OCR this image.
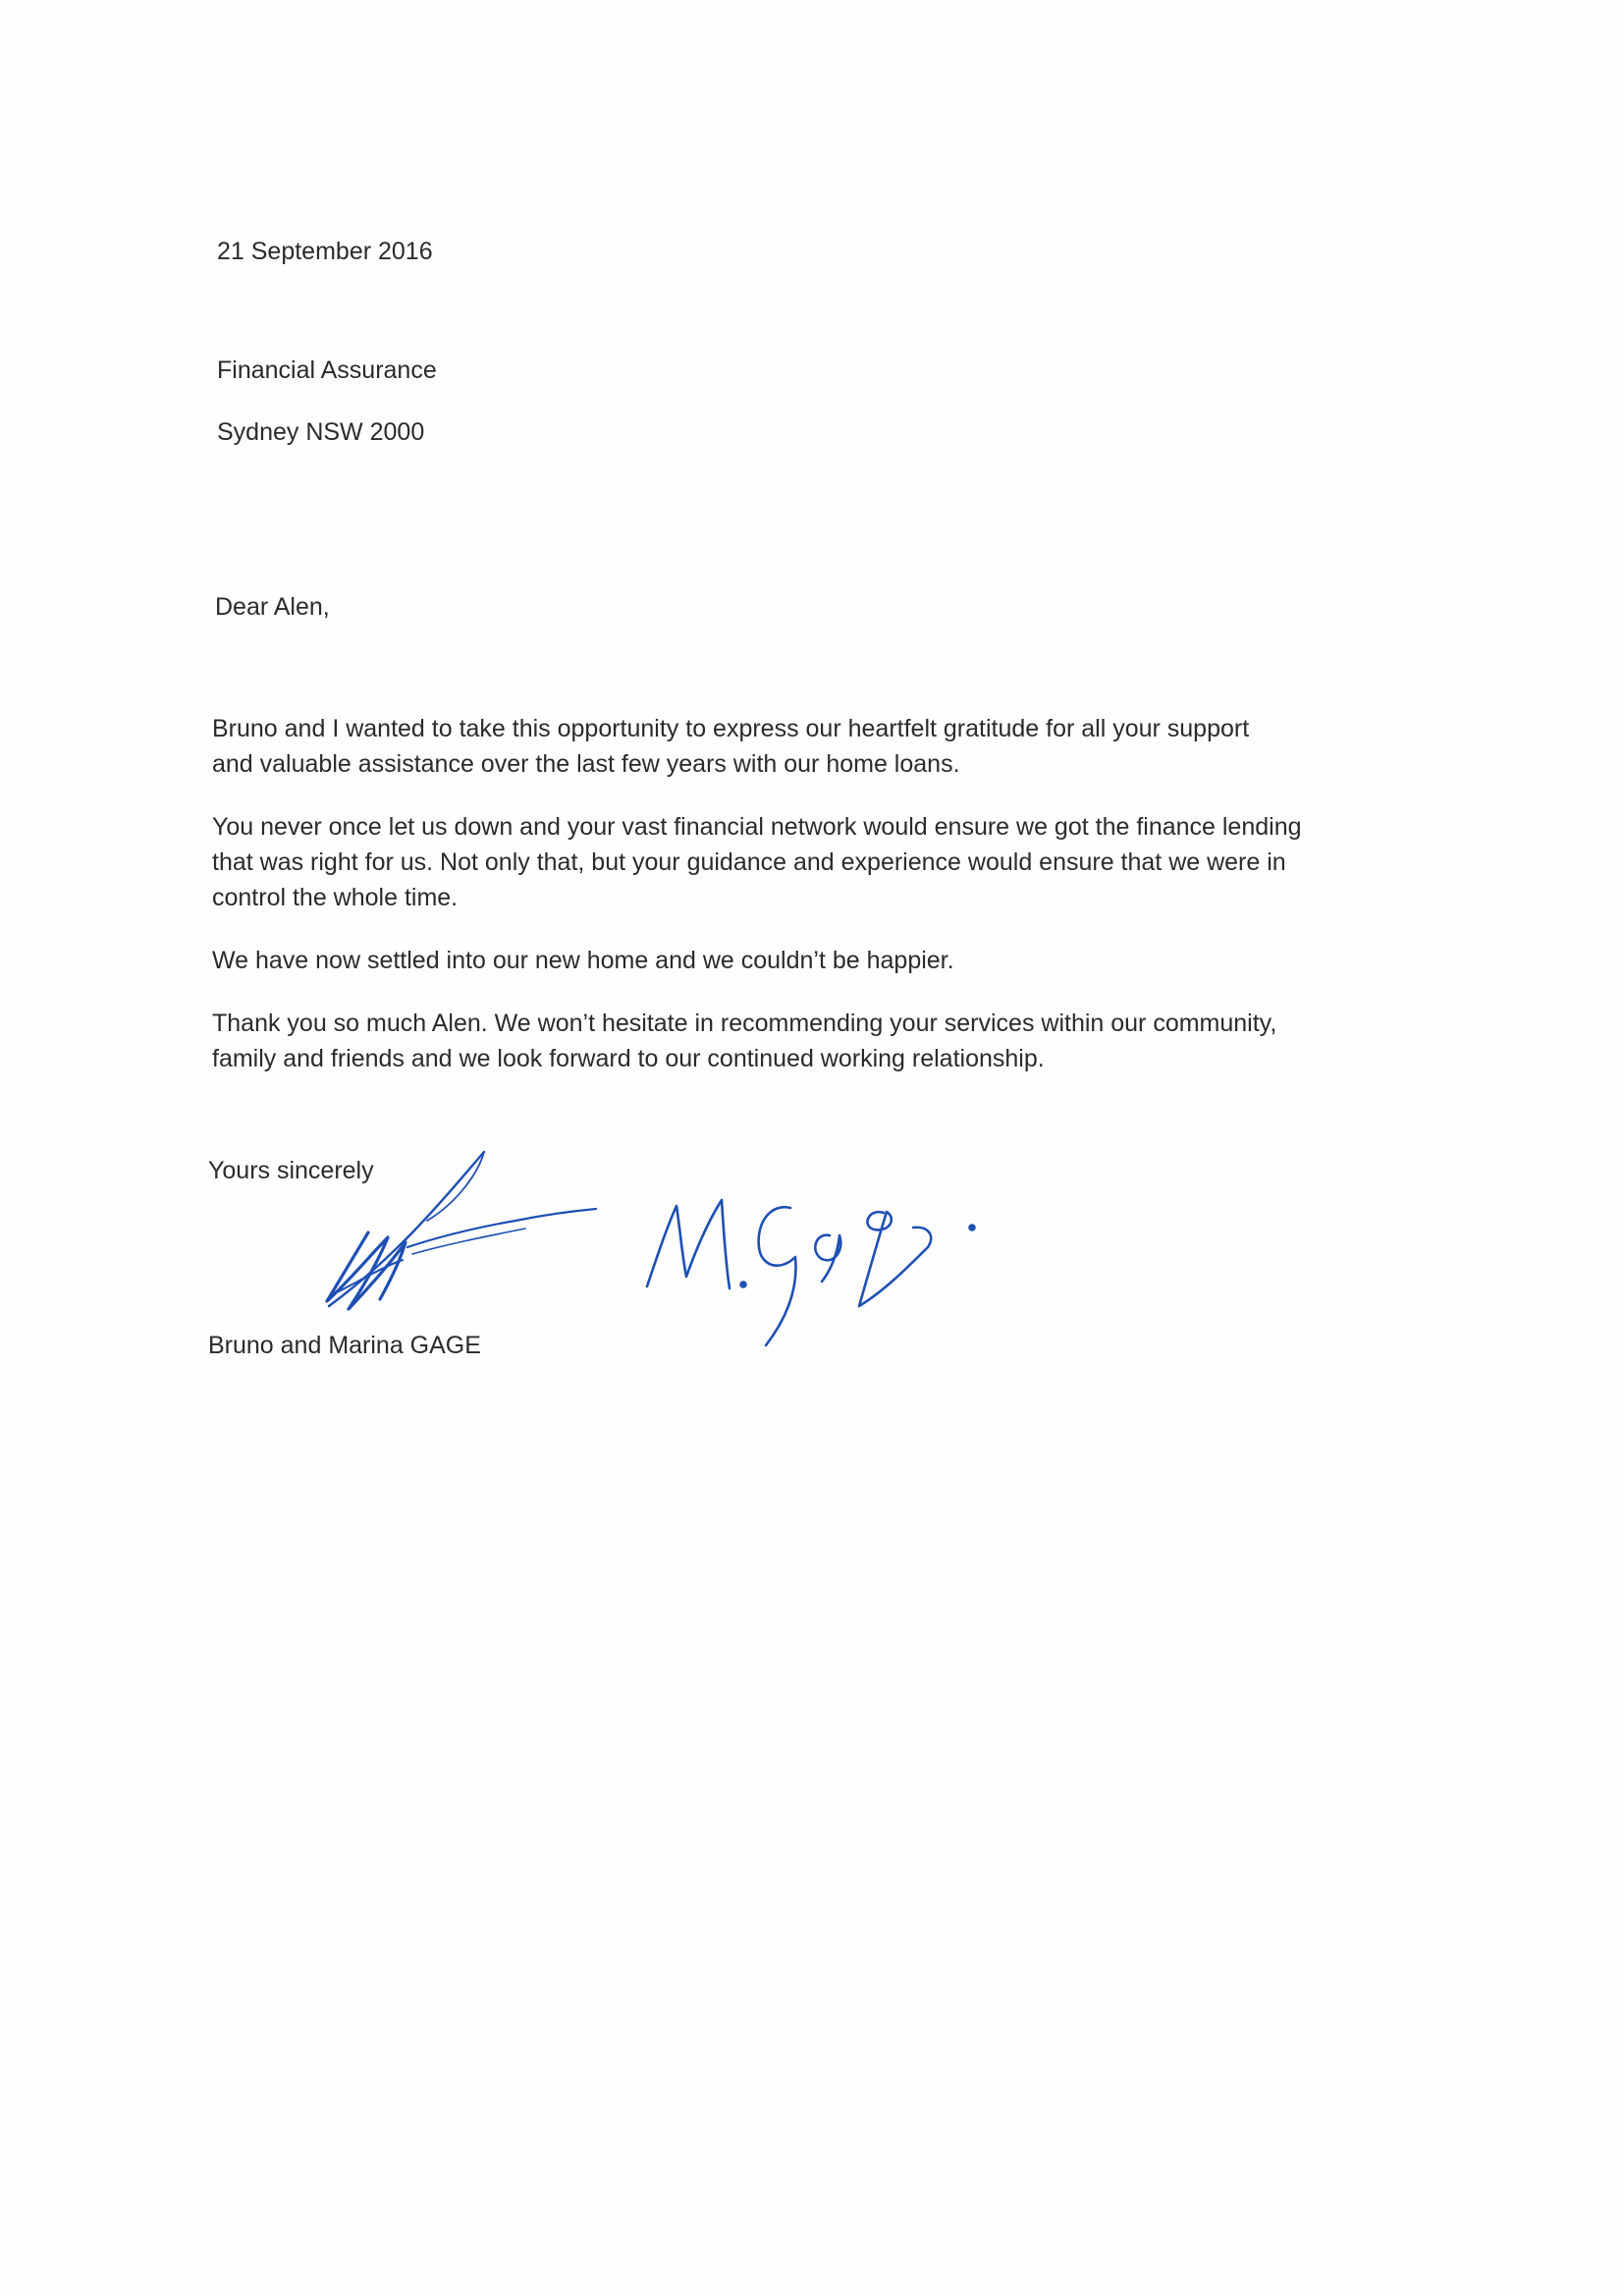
21 September 2016
Financial Assurance
Sydney NSW 2000
Dear Alen,

Bruno and I wanted to take this opportunity to express our heartfelt gratitude for all your support
and valuable assistance over the last few years with our home loans.

You never once let us down and your vast financial network would ensure we got the finance lending
that was right for us. Not only that, but your guidance and experience would ensure that we were in
control the whole time.

We have now settled into our new home and we couldn’t be happier.

Thank you so much Alen. We won’t hesitate in recommending your services within our community,
family and friends and we look forward to our continued working relationship.

Yours sincerely
Bruno and Marina GAGE
